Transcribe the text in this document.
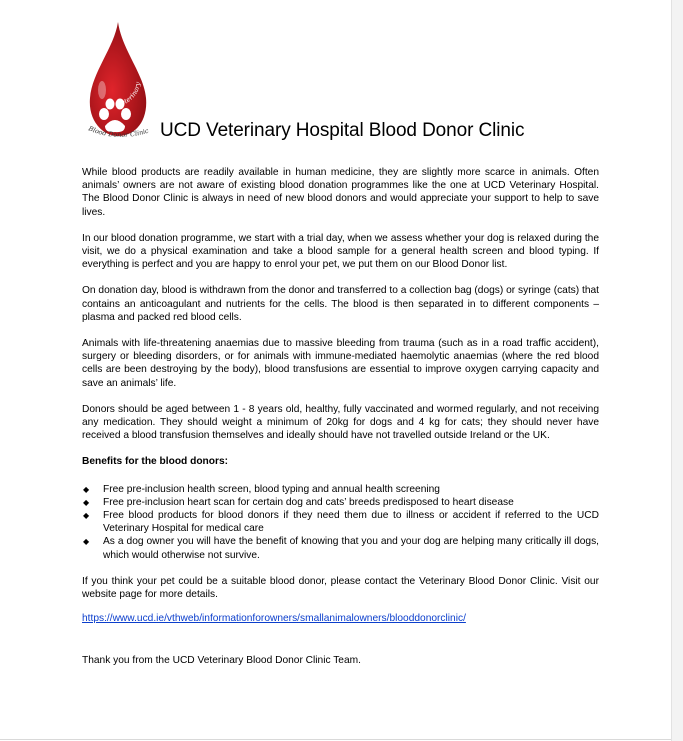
Veterinary
Blood Donor Clinic UCD Veterinary Hospital Blood Donor Clinic

While blood products are readily available in human medicine, they are slightly more scarce in animals. Often animals’ owners are not aware of existing blood donation programmes like the one at UCD Veterinary Hospital. The Blood Donor Clinic is always in need of new blood donors and would appreciate your support to help to save lives.

In our blood donation programme, we start with a trial day, when we assess whether your dog is relaxed during the visit, we do a physical examination and take a blood sample for a general health screen and blood typing. If everything is perfect and you are happy to enrol your pet, we put them on our Blood Donor list.

On donation day, blood is withdrawn from the donor and transferred to a collection bag (dogs) or syringe (cats) that contains an anticoagulant and nutrients for the cells. The blood is then separated in to different components – plasma and packed red blood cells.

Animals with life-threatening anaemias due to massive bleeding from trauma (such as in a road traffic accident), surgery or bleeding disorders, or for animals with immune-mediated haemolytic anaemias (where the red blood cells are been destroying by the body), blood transfusions are essential to improve oxygen carrying capacity and save an animals’ life.

Donors should be aged between 1 - 8 years old, healthy, fully vaccinated and wormed regularly, and not receiving any medication. They should weight a minimum of 20kg for dogs and 4 kg for cats; they should never have received a blood transfusion themselves and ideally should have not travelled outside Ireland or the UK.

Benefits for the blood donors:
◆ Free pre-inclusion health screen, blood typing and annual health screening
◆ Free pre-inclusion heart scan for certain dog and cats’ breeds predisposed to heart disease
◆ Free blood products for blood donors if they need them due to illness or accident if referred to the UCD Veterinary Hospital for medical care
◆ As a dog owner you will have the benefit of knowing that you and your dog are helping many critically ill dogs, which would otherwise not survive.

If you think your pet could be a suitable blood donor, please contact the Veterinary Blood Donor Clinic. Visit our website page for more details.

https://www.ucd.ie/vthweb/informationforowners/smallanimalowners/blooddonorclinic/

Thank you from the UCD Veterinary Blood Donor Clinic Team.
